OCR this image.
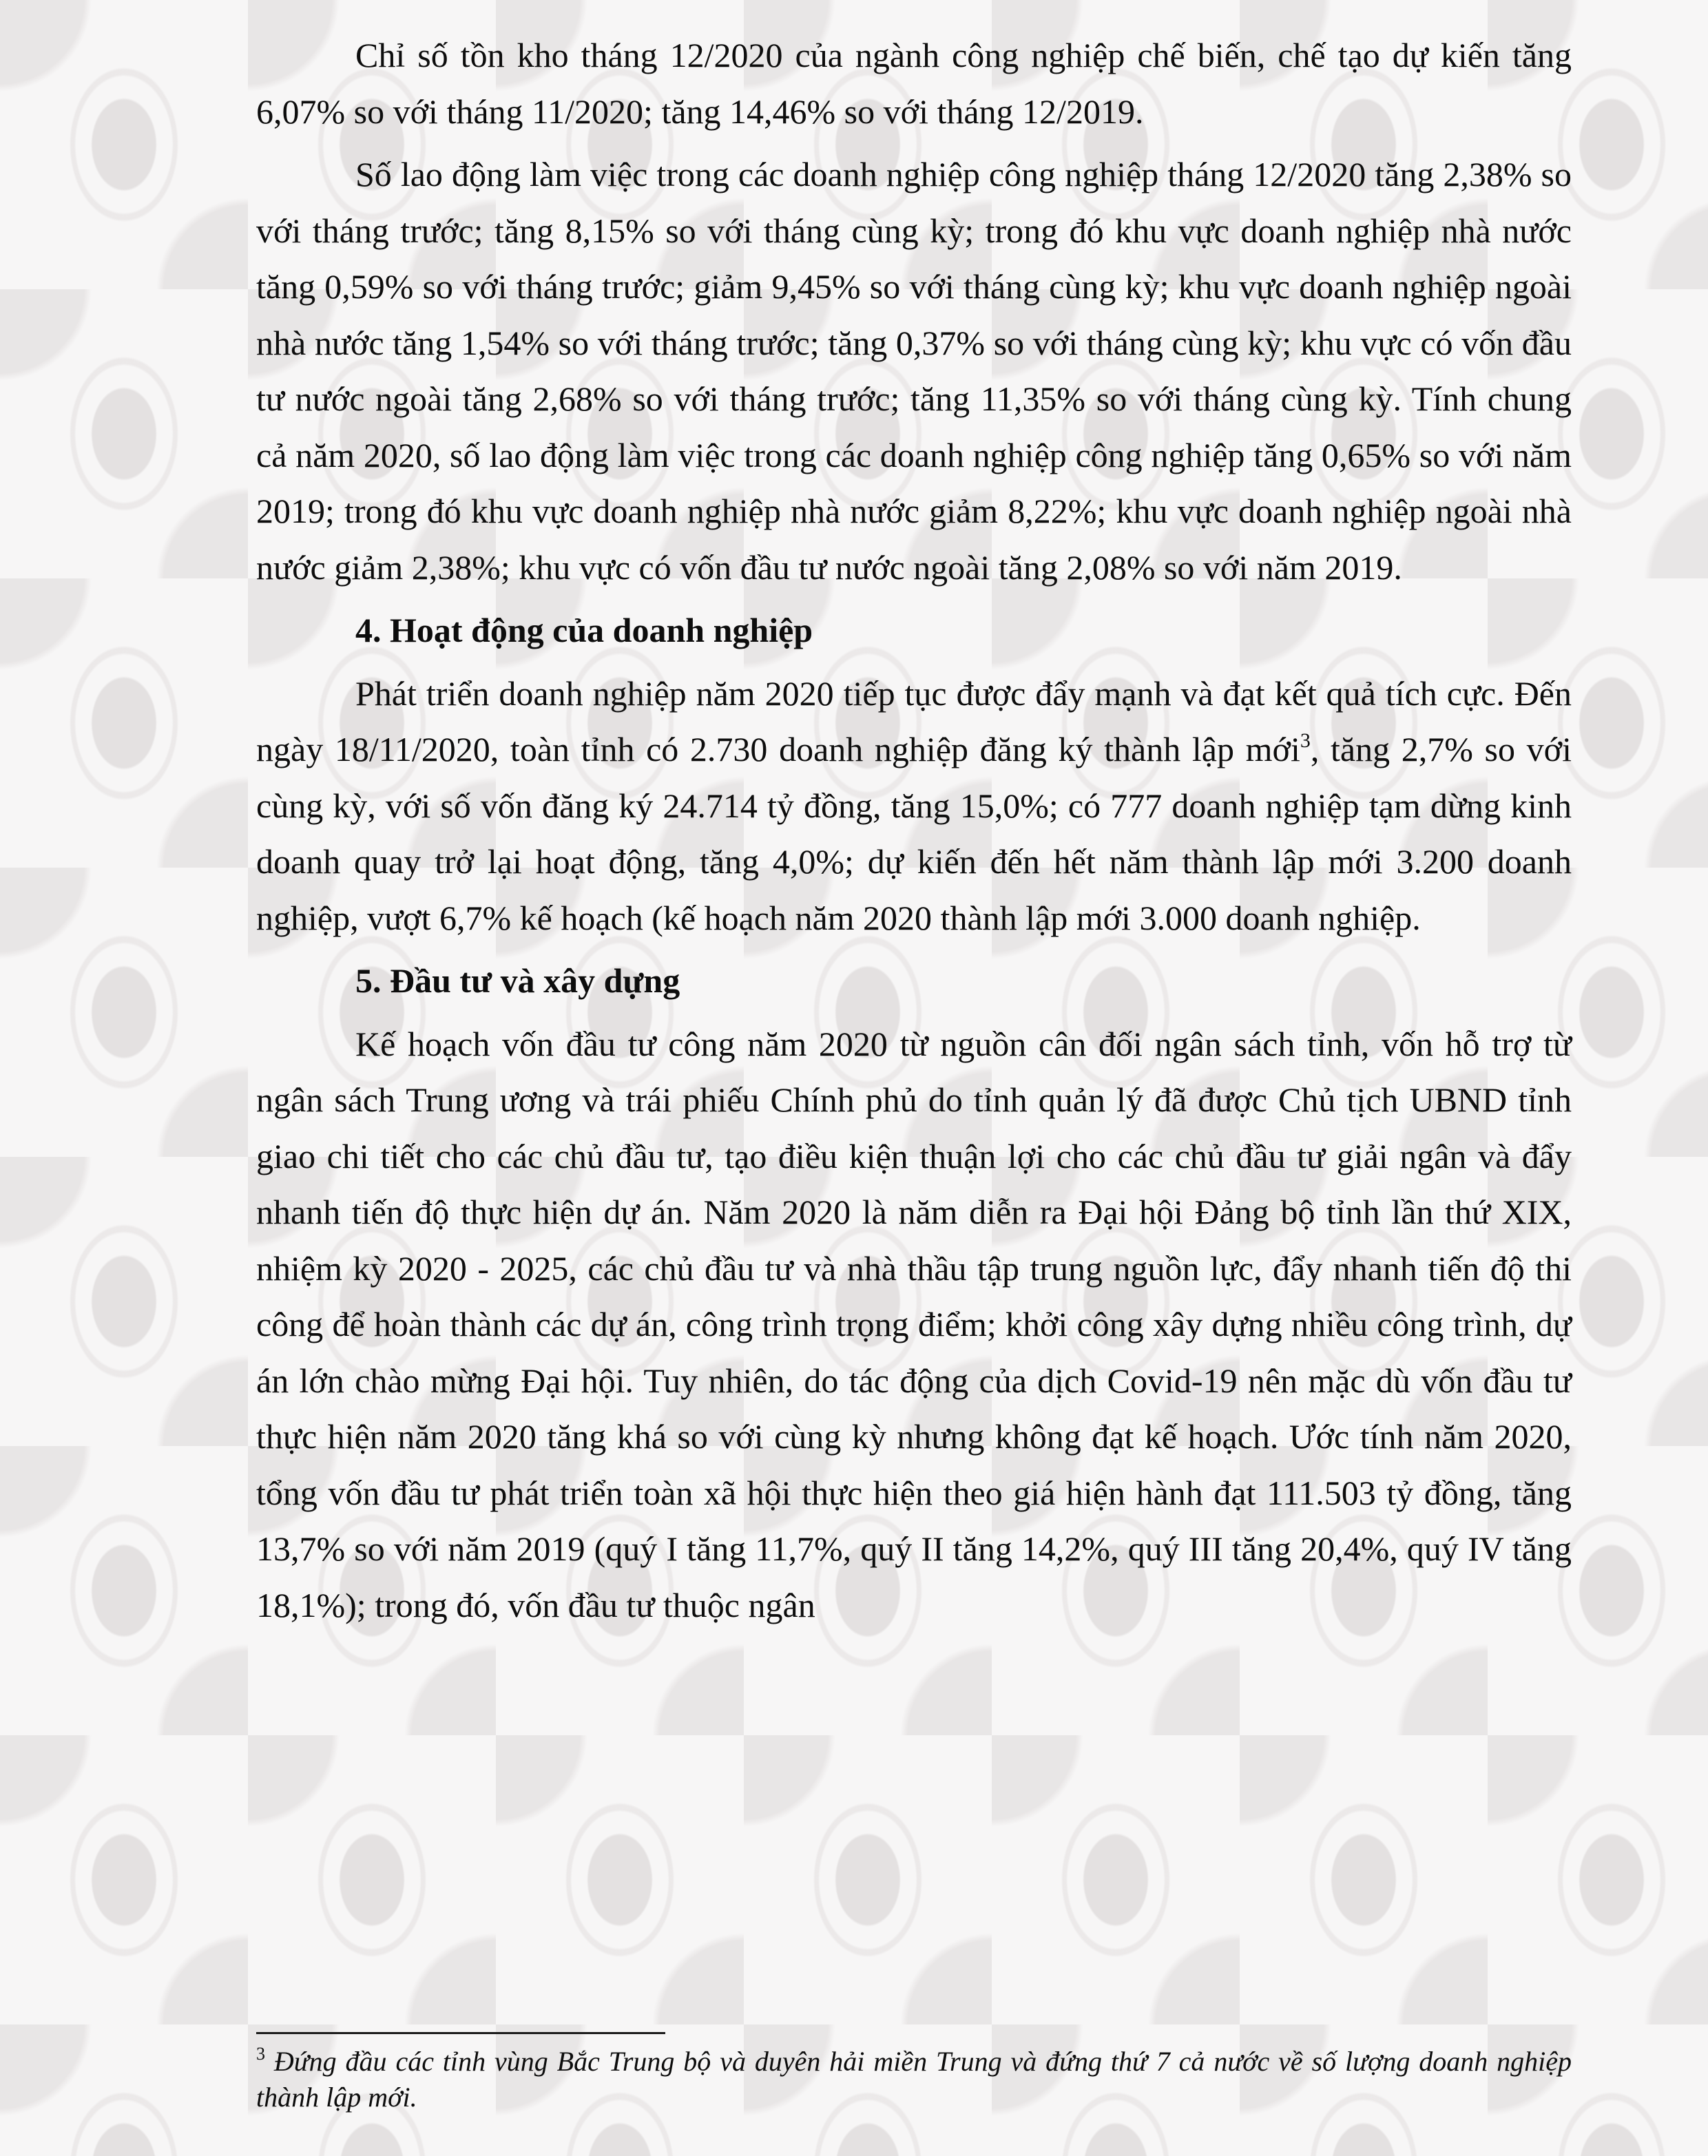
Chỉ số tồn kho tháng 12/2020 của ngành công nghiệp chế biến, chế tạo dự kiến tăng 6,07% so với tháng 11/2020; tăng 14,46% so với tháng 12/2019.

Số lao động làm việc trong các doanh nghiệp công nghiệp tháng 12/2020 tăng 2,38% so với tháng trước; tăng 8,15% so với tháng cùng kỳ; trong đó khu vực doanh nghiệp nhà nước tăng 0,59% so với tháng trước; giảm 9,45% so với tháng cùng kỳ; khu vực doanh nghiệp ngoài nhà nước tăng 1,54% so với tháng trước; tăng 0,37% so với tháng cùng kỳ; khu vực có vốn đầu tư nước ngoài tăng 2,68% so với tháng trước; tăng 11,35% so với tháng cùng kỳ. Tính chung cả năm 2020, số lao động làm việc trong các doanh nghiệp công nghiệp tăng 0,65% so với năm 2019; trong đó khu vực doanh nghiệp nhà nước giảm 8,22%; khu vực doanh nghiệp ngoài nhà nước giảm 2,38%; khu vực có vốn đầu tư nước ngoài tăng 2,08% so với năm 2019.

4. Hoạt động của doanh nghiệp

Phát triển doanh nghiệp năm 2020 tiếp tục được đẩy mạnh và đạt kết quả tích cực. Đến ngày 18/11/2020, toàn tỉnh có 2.730 doanh nghiệp đăng ký thành lập mới$^3$, tăng 2,7% so với cùng kỳ, với số vốn đăng ký 24.714 tỷ đồng, tăng 15,0%; có 777 doanh nghiệp tạm dừng kinh doanh quay trở lại hoạt động, tăng 4,0%; dự kiến đến hết năm thành lập mới 3.200 doanh nghiệp, vượt 6,7% kế hoạch (kế hoạch năm 2020 thành lập mới 3.000 doanh nghiệp.

5. Đầu tư và xây dựng

Kế hoạch vốn đầu tư công năm 2020 từ nguồn cân đối ngân sách tỉnh, vốn hỗ trợ từ ngân sách Trung ương và trái phiếu Chính phủ do tỉnh quản lý đã được Chủ tịch UBND tỉnh giao chi tiết cho các chủ đầu tư, tạo điều kiện thuận lợi cho các chủ đầu tư giải ngân và đẩy nhanh tiến độ thực hiện dự án. Năm 2020 là năm diễn ra Đại hội Đảng bộ tỉnh lần thứ XIX, nhiệm kỳ 2020 - 2025, các chủ đầu tư và nhà thầu tập trung nguồn lực, đẩy nhanh tiến độ thi công để hoàn thành các dự án, công trình trọng điểm; khởi công xây dựng nhiều công trình, dự án lớn chào mừng Đại hội. Tuy nhiên, do tác động của dịch Covid-19 nên mặc dù vốn đầu tư thực hiện năm 2020 tăng khá so với cùng kỳ nhưng không đạt kế hoạch. Ước tính năm 2020, tổng vốn đầu tư phát triển toàn xã hội thực hiện theo giá hiện hành đạt 111.503 tỷ đồng, tăng 13,7% so với năm 2019 (quý I tăng 11,7%, quý II tăng 14,2%, quý III tăng 20,4%, quý IV tăng 18,1%); trong đó, vốn đầu tư thuộc ngân

$^3$ Đứng đầu các tỉnh vùng Bắc Trung bộ và duyên hải miền Trung và đứng thứ 7 cả nước về số lượng doanh nghiệp thành lập mới.
